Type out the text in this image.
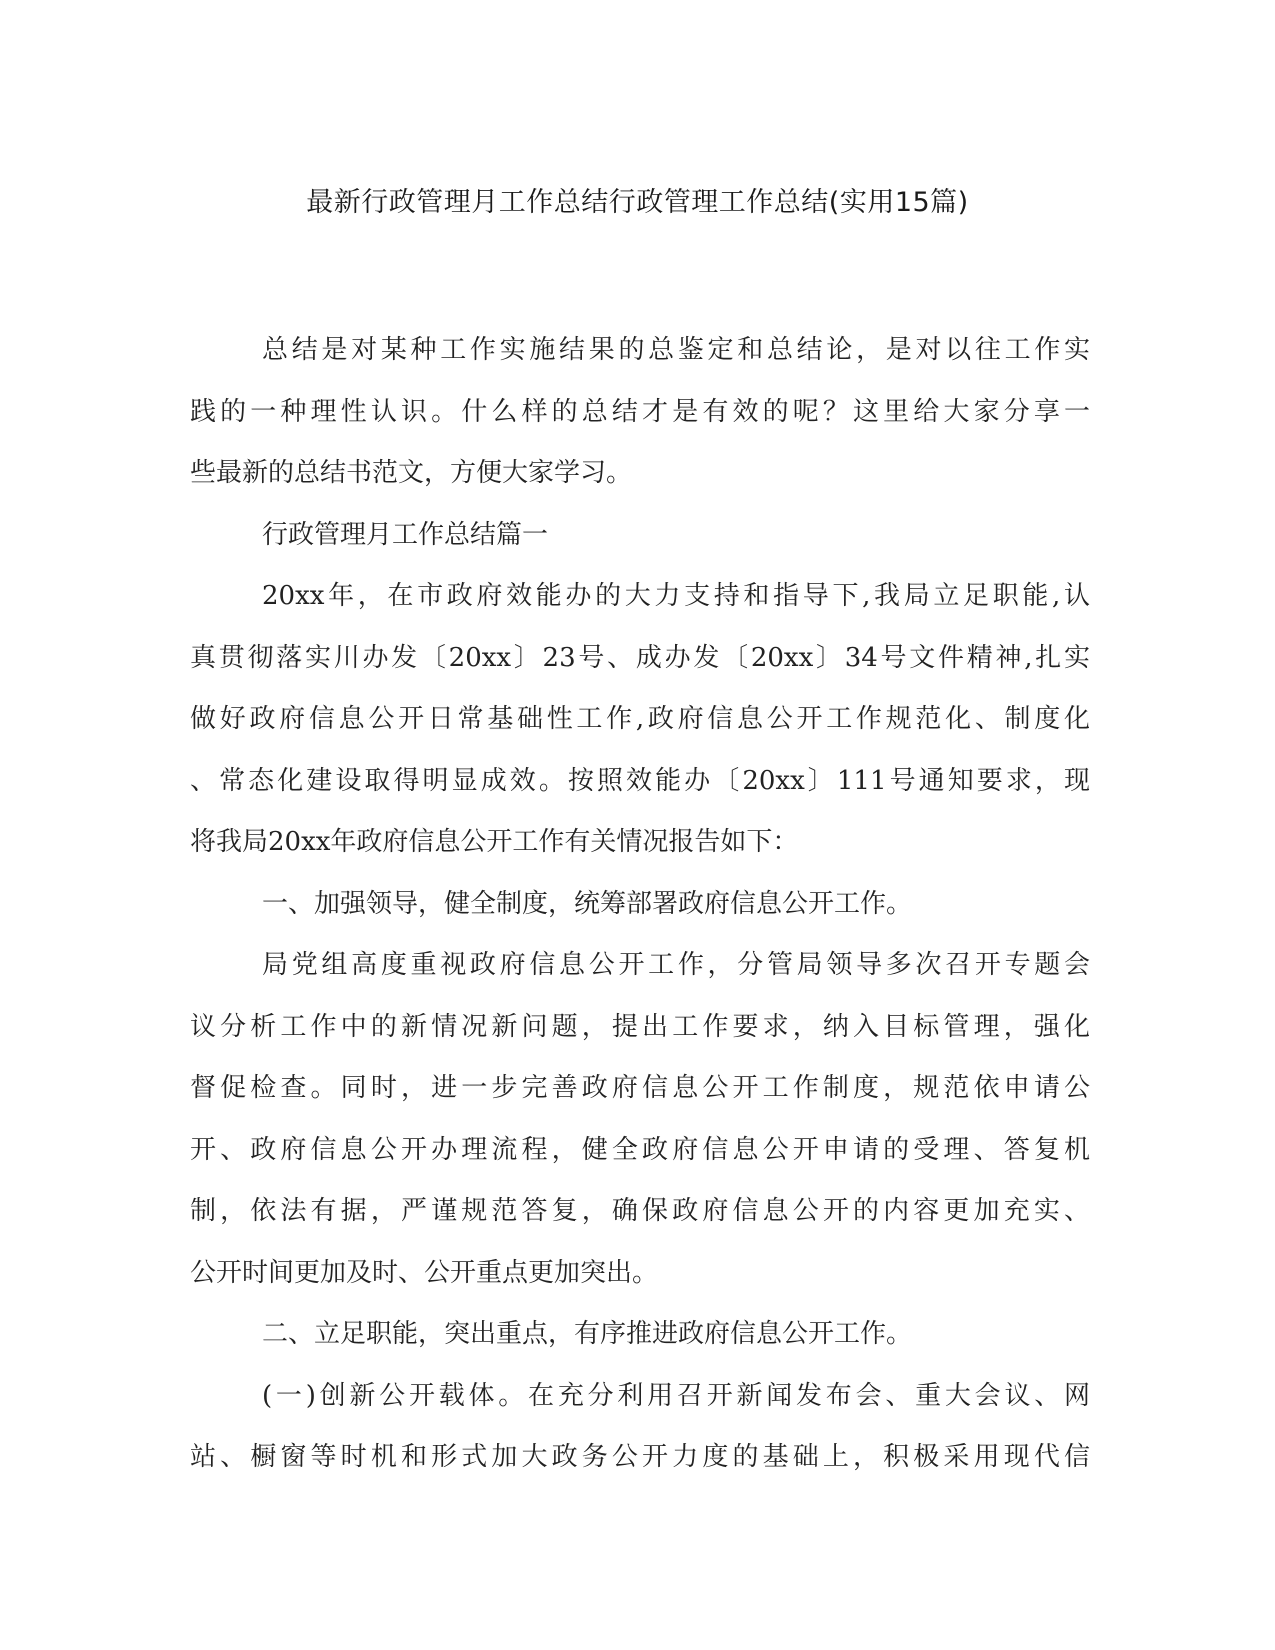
最新行政管理月工作总结行政管理工作总结(实用15篇)
总结是对某种工作实施结果的总鉴定和总结论，是对以往工作实
践的一种理性认识。什么样的总结才是有效的呢？这里给大家分享一
些最新的总结书范文，方便大家学习。
行政管理月工作总结篇一
20xx年，在市政府效能办的大力支持和指导下,我局立足职能,认
真贯彻落实川办发〔20xx〕23号、成办发〔20xx〕34号文件精神,扎实
做好政府信息公开日常基础性工作,政府信息公开工作规范化、制度化
、常态化建设取得明显成效。按照效能办〔20xx〕111号通知要求，现
将我局20xx年政府信息公开工作有关情况报告如下：
一、加强领导，健全制度，统筹部署政府信息公开工作。
局党组高度重视政府信息公开工作，分管局领导多次召开专题会
议分析工作中的新情况新问题，提出工作要求，纳入目标管理，强化
督促检查。同时，进一步完善政府信息公开工作制度，规范依申请公
开、政府信息公开办理流程，健全政府信息公开申请的受理、答复机
制，依法有据，严谨规范答复，确保政府信息公开的内容更加充实、
公开时间更加及时、公开重点更加突出。
二、立足职能，突出重点，有序推进政府信息公开工作。
(一)创新公开载体。在充分利用召开新闻发布会、重大会议、网
站、橱窗等时机和形式加大政务公开力度的基础上，积极采用现代信
